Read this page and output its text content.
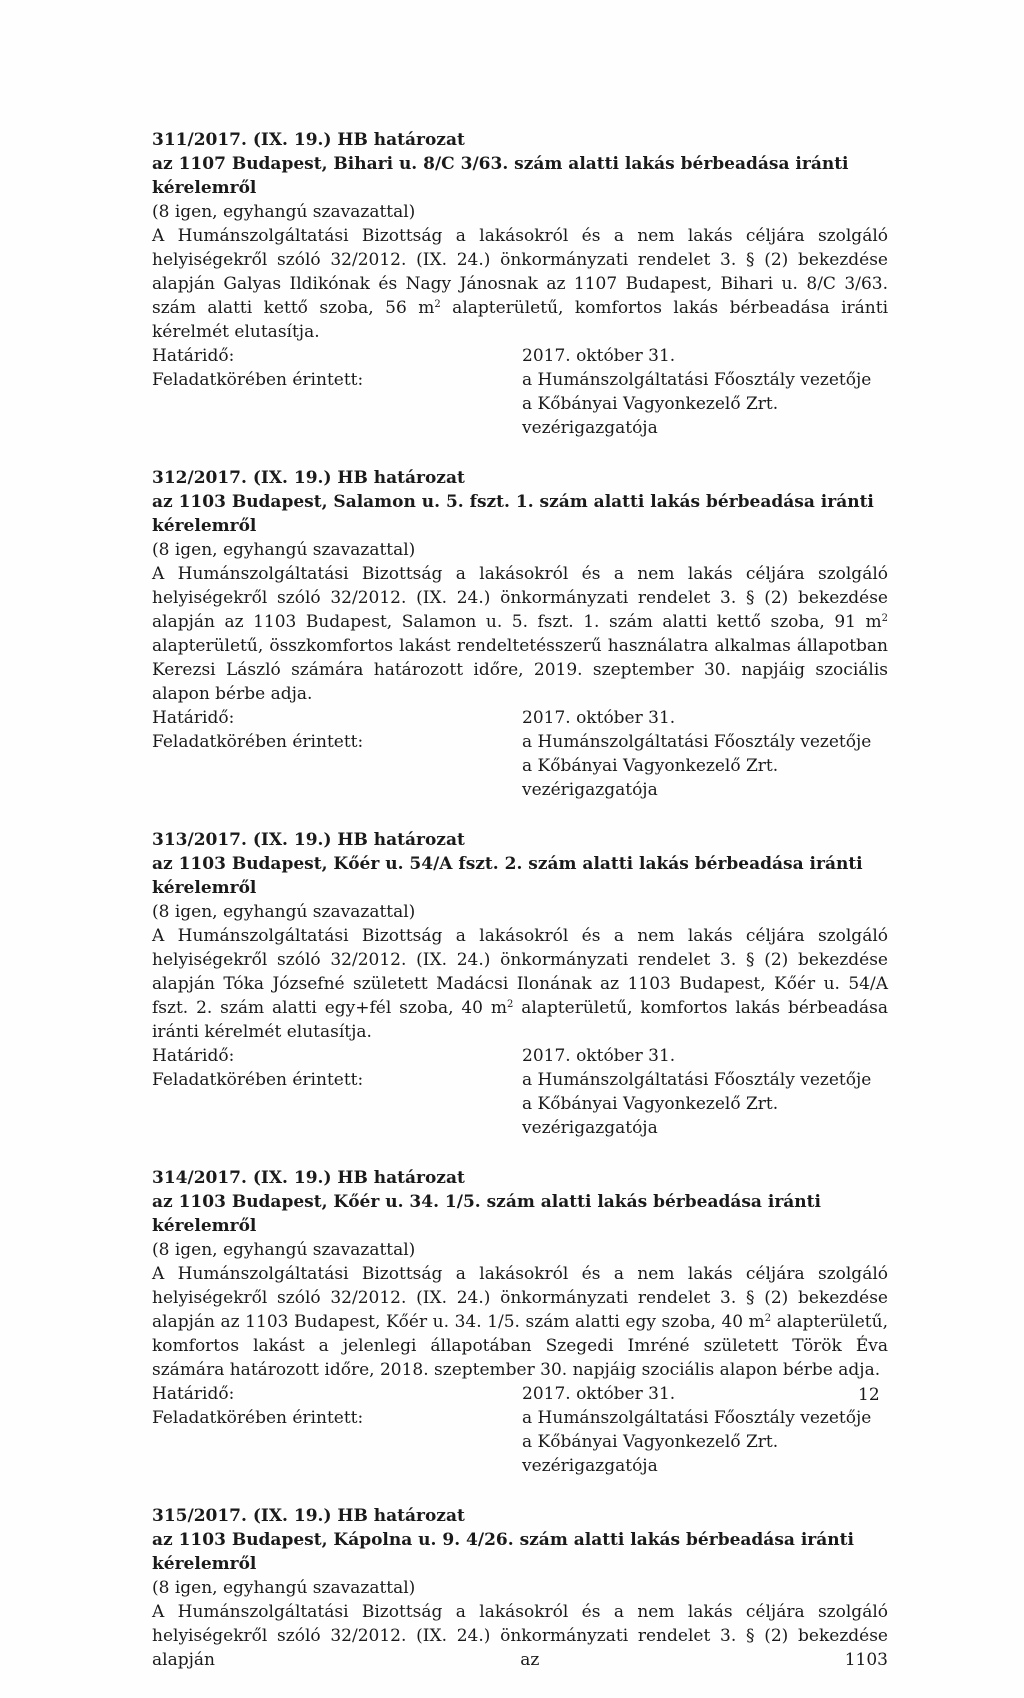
311/2017. (IX. 19.) HB határozat

az 1107 Budapest, Bihari u. 8/C 3/63. szám alatti lakás bérbeadása iránti kérelemről

(8 igen, egyhangú szavazattal)

A Humánszolgáltatási Bizottság a lakásokról és a nem lakás céljára szolgáló helyiségekről szóló 32/2012. (IX. 24.) önkormányzati rendelet 3. § (2) bekezdése alapján Galyas Ildikónak és Nagy Jánosnak az 1107 Budapest, Bihari u. 8/C 3/63. szám alatti kettő szoba, 56 $m^2$ alapterületű, komfortos lakás bérbeadása iránti kérelmét elutasítja.

Határidő:	2017. október 31.
Feladatkörében érintett:	a Humánszolgáltatási Főosztály vezetője

a Kőbányai Vagyonkezelő Zrt. vezérigazgatója

312/2017. (IX. 19.) HB határozat

az 1103 Budapest, Salamon u. 5. fszt. 1. szám alatti lakás bérbeadása iránti kérelemről

(8 igen, egyhangú szavazattal)

A Humánszolgáltatási Bizottság a lakásokról és a nem lakás céljára szolgáló helyiségekről szóló 32/2012. (IX. 24.) önkormányzati rendelet 3. § (2) bekezdése alapján az 1103 Budapest, Salamon u. 5. fszt. 1. szám alatti kettő szoba, 91 $m^2$ alapterületű, összkomfortos lakást rendeltetésszerű használatra alkalmas állapotban Kerezsi László számára határozott időre, 2019. szeptember 30. napjáig szociális alapon bérbe adja.

Határidő:	2017. október 31.
Feladatkörében érintett:	a Humánszolgáltatási Főosztály vezetője

a Kőbányai Vagyonkezelő Zrt. vezérigazgatója

313/2017. (IX. 19.) HB határozat

az 1103 Budapest, Kőér u. 54/A fszt. 2. szám alatti lakás bérbeadása iránti kérelemről

(8 igen, egyhangú szavazattal)

A Humánszolgáltatási Bizottság a lakásokról és a nem lakás céljára szolgáló helyiségekről szóló 32/2012. (IX. 24.) önkormányzati rendelet 3. § (2) bekezdése alapján Tóka Józsefné született Madácsi Ilonának az 1103 Budapest, Kőér u. 54/A fszt. 2. szám alatti egy+fél szoba, 40 $m^2$ alapterületű, komfortos lakás bérbeadása iránti kérelmét elutasítja.

Határidő:	2017. október 31.
Feladatkörében érintett:	a Humánszolgáltatási Főosztály vezetője

a Kőbányai Vagyonkezelő Zrt. vezérigazgatója

314/2017. (IX. 19.) HB határozat

az 1103 Budapest, Kőér u. 34. 1/5. szám alatti lakás bérbeadása iránti kérelemről

(8 igen, egyhangú szavazattal)

A Humánszolgáltatási Bizottság a lakásokról és a nem lakás céljára szolgáló helyiségekről szóló 32/2012. (IX. 24.) önkormányzati rendelet 3. § (2) bekezdése alapján az 1103 Budapest, Kőér u. 34. 1/5. szám alatti egy szoba, 40 $m^2$ alapterületű, komfortos lakást a jelenlegi állapotában Szegedi Imréné született Török Éva számára határozott időre, 2018. szeptember 30. napjáig szociális alapon bérbe adja.

Határidő:	2017. október 31.
Feladatkörében érintett:	a Humánszolgáltatási Főosztály vezetője

a Kőbányai Vagyonkezelő Zrt. vezérigazgatója

315/2017. (IX. 19.) HB határozat

az 1103 Budapest, Kápolna u. 9. 4/26. szám alatti lakás bérbeadása iránti kérelemről

(8 igen, egyhangú szavazattal)

A Humánszolgáltatási Bizottság a lakásokról és a nem lakás céljára szolgáló helyiségekről szóló 32/2012. (IX. 24.) önkormányzati rendelet 3. § (2) bekezdése alapján az 1103

12
